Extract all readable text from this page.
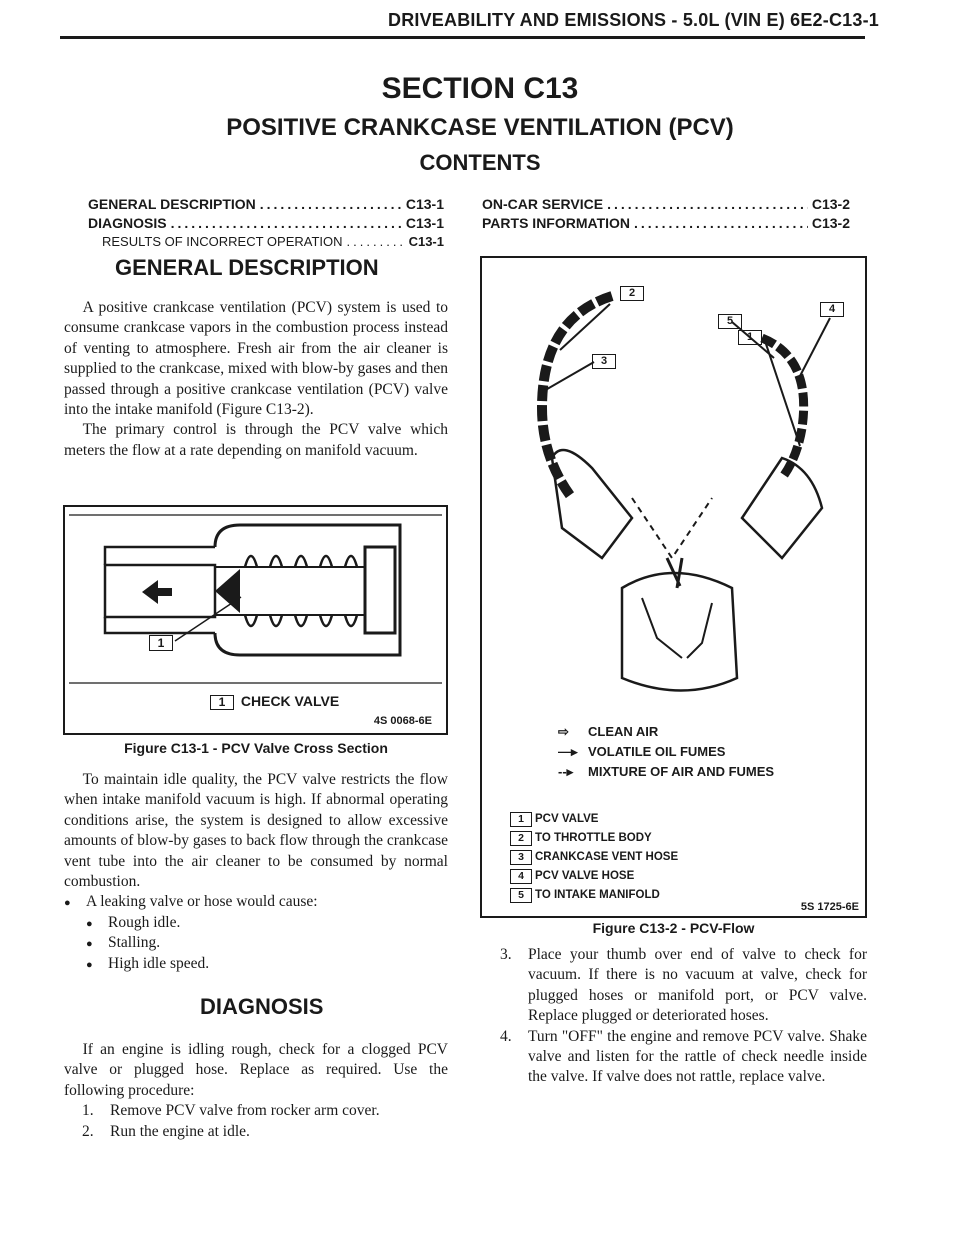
DRIVEABILITY AND EMISSIONS - 5.0L (VIN E) 6E2-C13-1
SECTION C13
POSITIVE CRANKCASE VENTILATION (PCV)
CONTENTS
GENERAL DESCRIPTION .....	C13-1
DIAGNOSIS .....	C13-1
RESULTS OF INCORRECT OPERATION .....	C13-1
ON-CAR SERVICE .....	C13-2
PARTS INFORMATION .....	C13-2
GENERAL DESCRIPTION

A positive crankcase ventilation (PCV) system is used to consume crankcase vapors in the combustion process instead of venting to atmosphere. Fresh air from the air cleaner is supplied to the crankcase, mixed with blow-by gases and then passed through a positive crankcase ventilation (PCV) valve into the intake manifold (Figure C13-2).

The primary control is through the PCV valve which meters the flow at a rate depending on manifold vacuum.

1
1 CHECK VALVE
4S 0068-6E
Figure C13-1 - PCV Valve Cross Section

To maintain idle quality, the PCV valve restricts the flow when intake manifold vacuum is high. If abnormal operating conditions arise, the system is designed to allow excessive amounts of blow-by gases to back flow through the crankcase vent tube into the air cleaner to be consumed by normal combustion.

● A leaking valve or hose would cause:
● Rough idle.
● Stalling.
● High idle speed.
DIAGNOSIS

If an engine is idling rough, check for a clogged PCV valve or plugged hose. Replace as required. Use the following procedure:

1.	Remove PCV valve from rocker arm cover.
2.	Run the engine at idle.
2
5
4
3
1
⇨ CLEAN AIR
—▸ VOLATILE OIL FUMES
--▸ MIXTURE OF AIR AND FUMES
1 PCV VALVE
2 TO THROTTLE BODY
3 CRANKCASE VENT HOSE
4 PCV VALVE HOSE
5 TO INTAKE MANIFOLD
5S 1725-6E
Figure C13-2 - PCV-Flow
3.	Place your thumb over end of valve to check for vacuum. If there is no vacuum at valve, check for plugged hoses or manifold port, or PCV valve. Replace plugged or deteriorated hoses.
4.	Turn "OFF" the engine and remove PCV valve. Shake valve and listen for the rattle of check needle inside the valve. If valve does not rattle, replace valve.
